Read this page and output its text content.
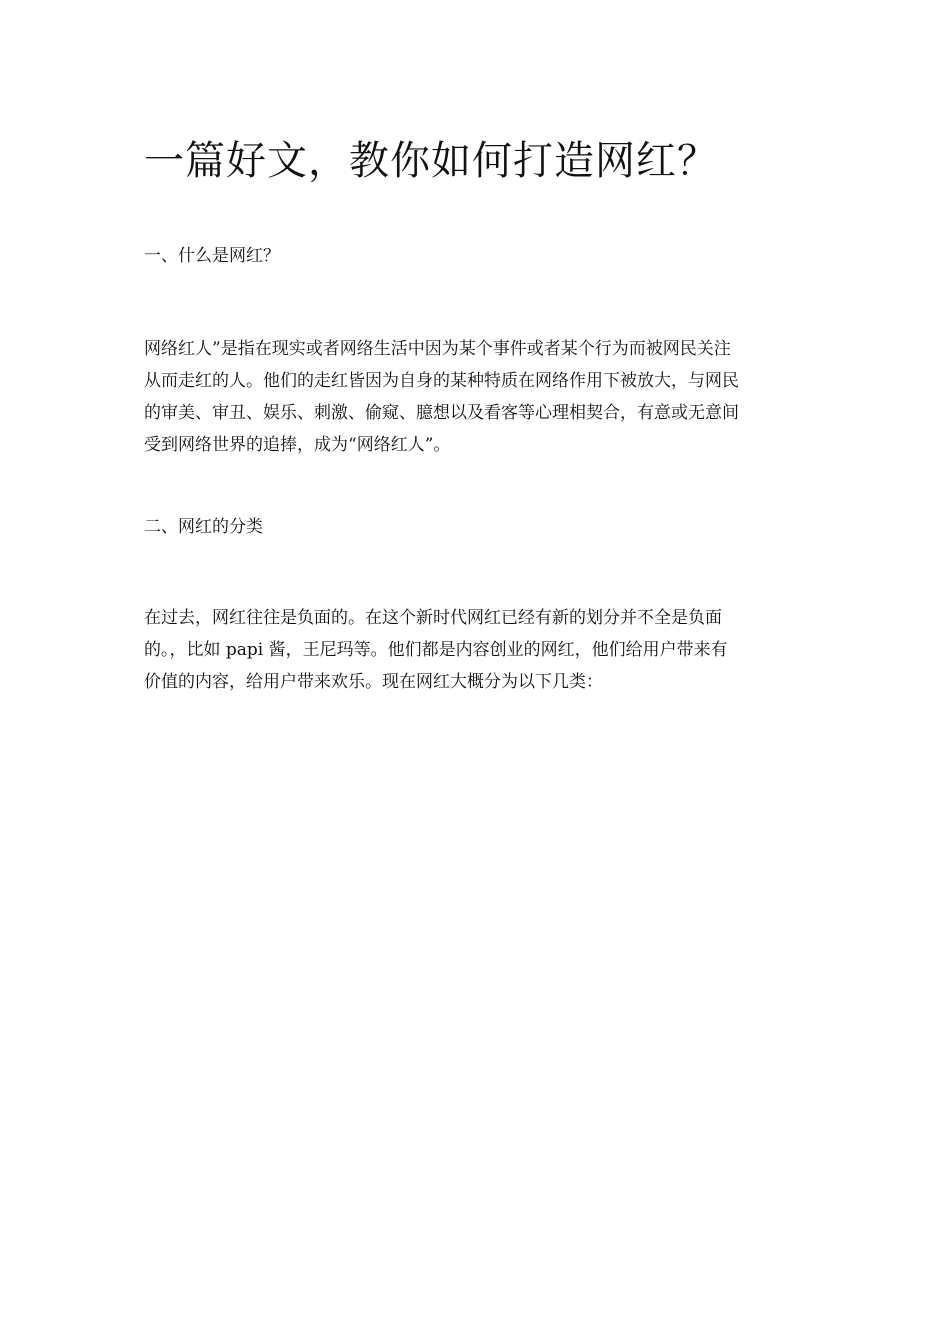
一篇好文，教你如何打造网红？
一、什么是网红？
网络红人”是指在现实或者网络生活中因为某个事件或者某个行为而被网民关注
从而走红的人。他们的走红皆因为自身的某种特质在网络作用下被放大，与网民
的审美、审丑、娱乐、刺激、偷窥、臆想以及看客等心理相契合，有意或无意间
受到网络世界的追捧，成为“网络红人”。
二、网红的分类
在过去，网红往往是负面的。在这个新时代网红已经有新的划分并不全是负面
的。，比如 papi 酱，王尼玛等。他们都是内容创业的网红，他们给用户带来有
价值的内容，给用户带来欢乐。现在网红大概分为以下几类：
